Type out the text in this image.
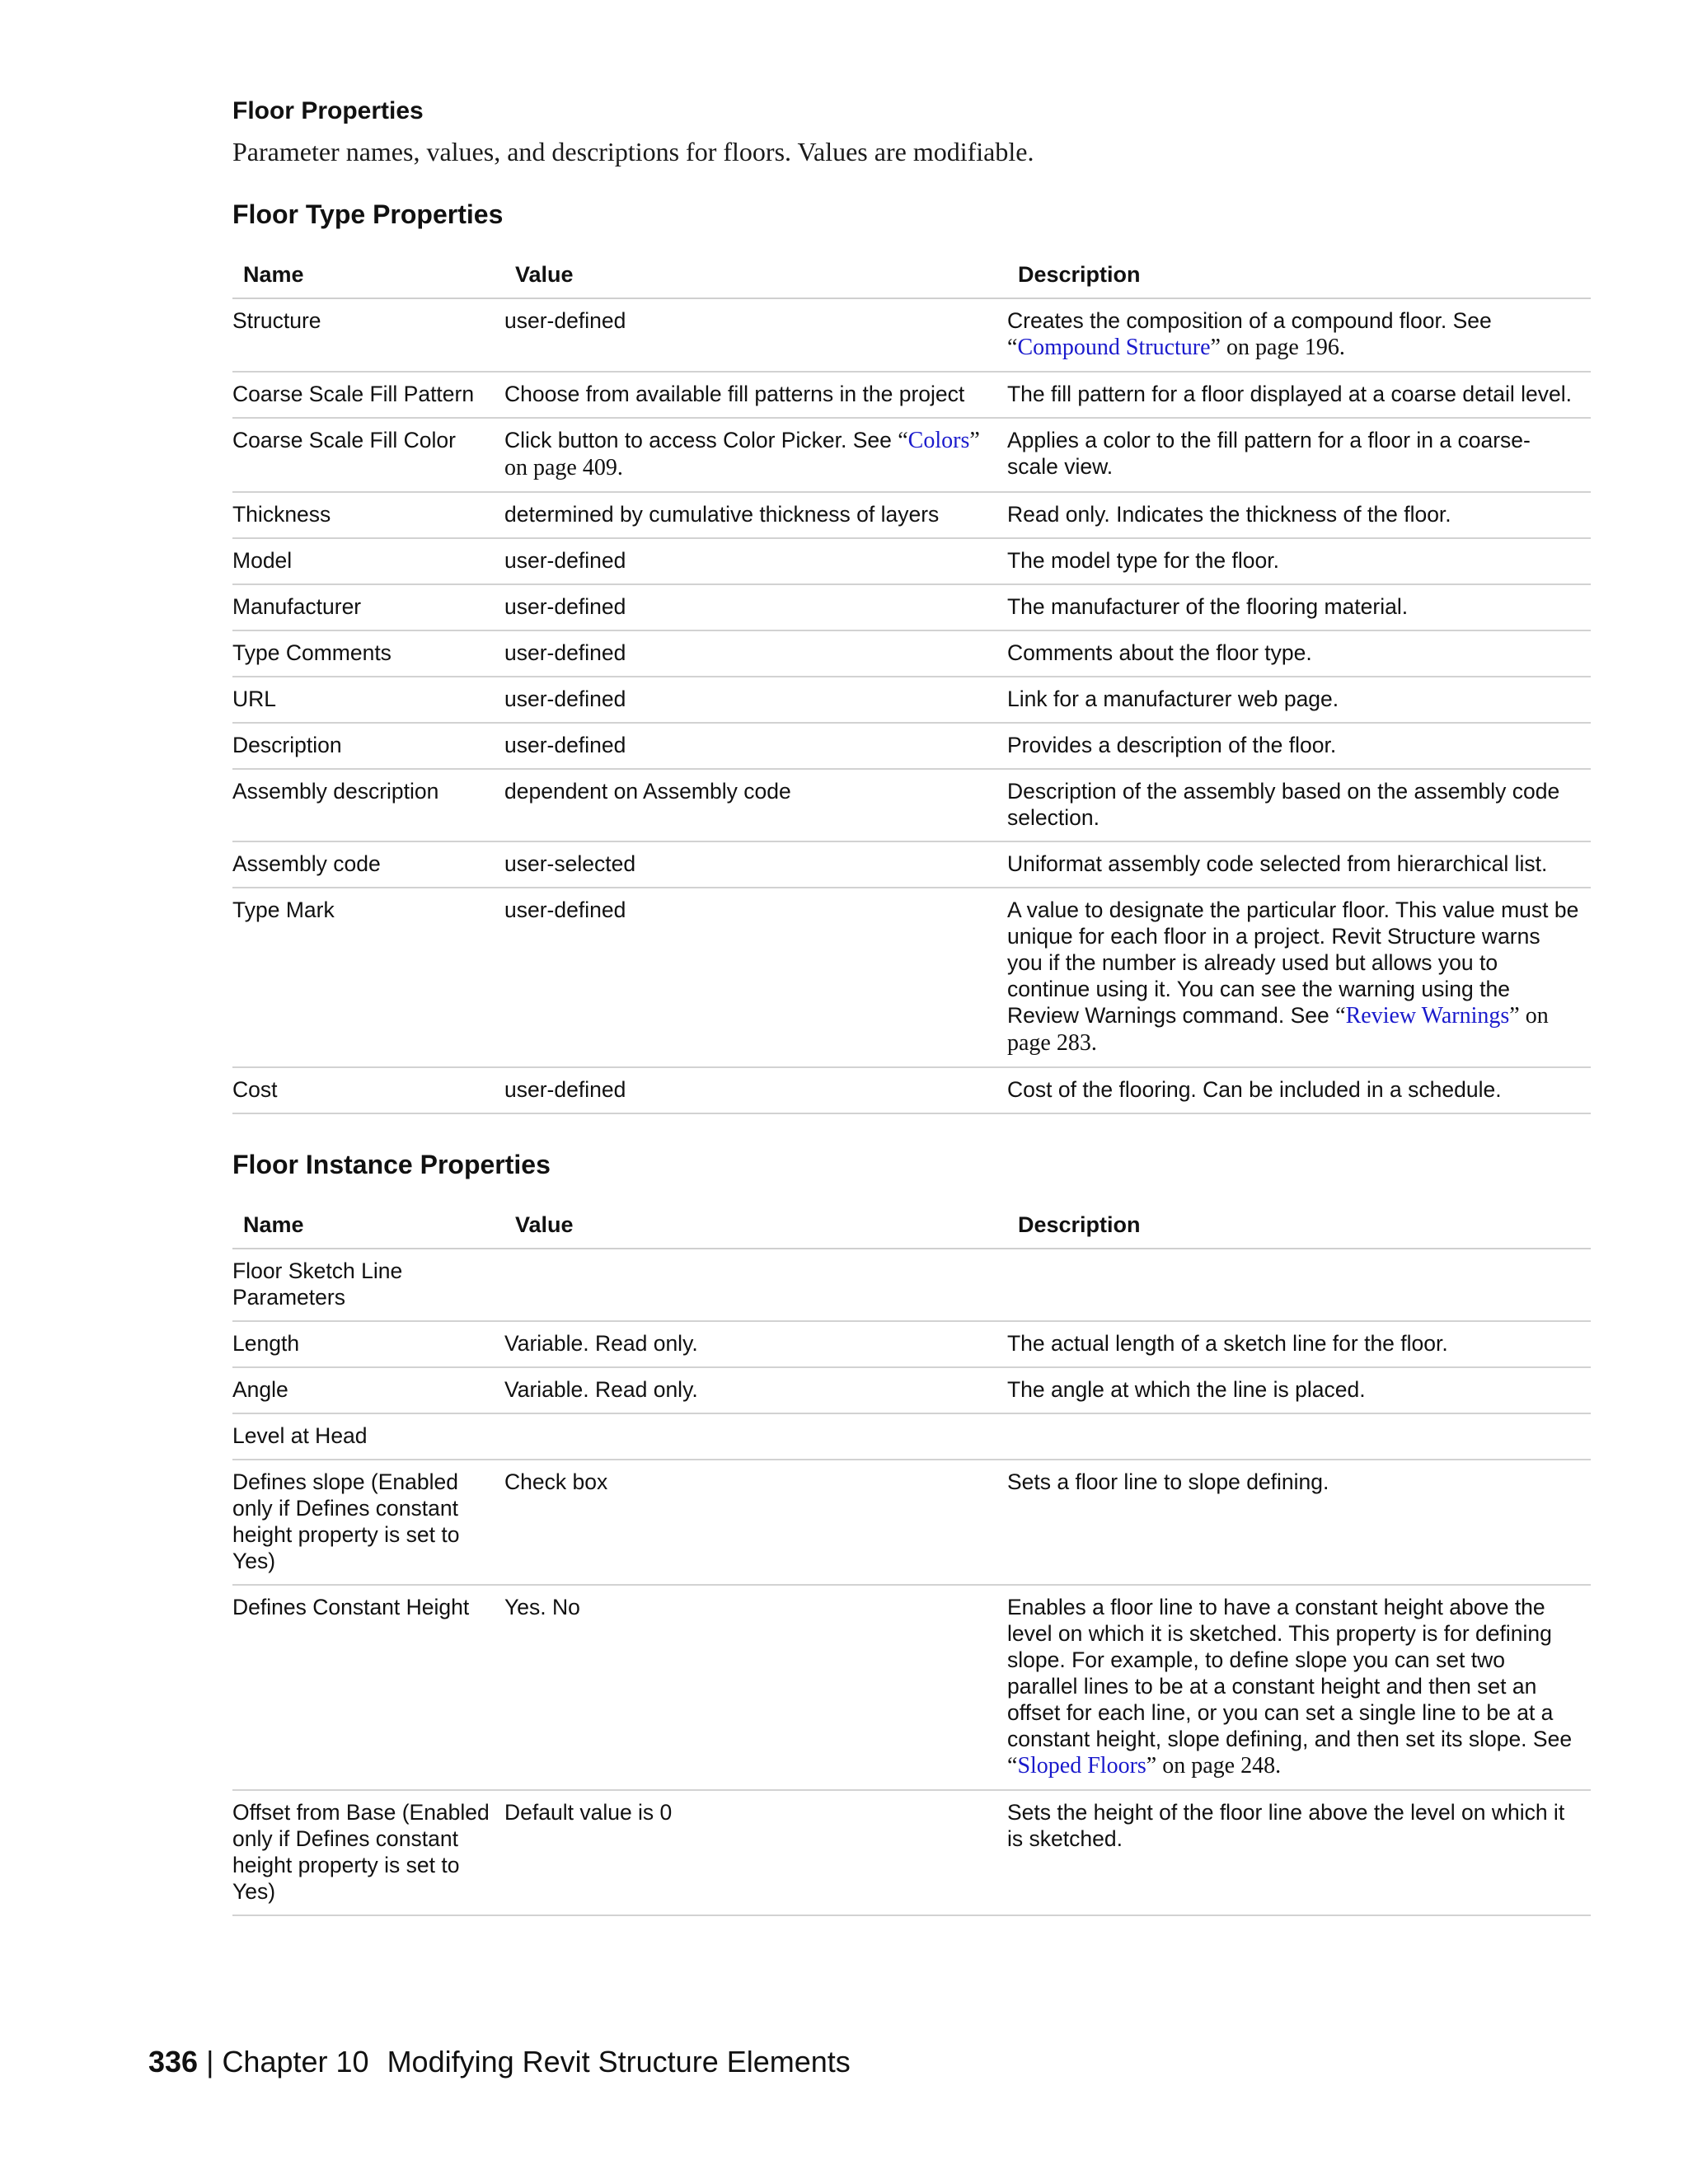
Floor Properties

Parameter names, values, and descriptions for floors. Values are modifiable.

Floor Type Properties
Name	Value	Description
Structure	user-defined	Creates the composition of a compound floor. See “Compound Structure” on page 196.
Coarse Scale Fill Pattern	Choose from available fill patterns in the project	The fill pattern for a floor displayed at a coarse detail level.
Coarse Scale Fill Color	Click button to access Color Picker. See “Colors” on page 409.	Applies a color to the fill pattern for a floor in a coarse-scale view.
Thickness	determined by cumulative thickness of layers	Read only. Indicates the thickness of the floor.
Model	user-defined	The model type for the floor.
Manufacturer	user-defined	The manufacturer of the flooring material.
Type Comments	user-defined	Comments about the floor type.
URL	user-defined	Link for a manufacturer web page.
Description	user-defined	Provides a description of the floor.
Assembly description	dependent on Assembly code	Description of the assembly based on the assembly code selection.
Assembly code	user-selected	Uniformat assembly code selected from hierarchical list.
Type Mark	user-defined	A value to designate the particular floor. This value must be unique for each floor in a project. Revit Structure warns you if the number is already used but allows you to continue using it. You can see the warning using the Review Warnings command. See “Review Warnings” on page 283.
Cost	user-defined	Cost of the flooring. Can be included in a schedule.
Floor Instance Properties
Name	Value	Description
Floor Sketch Line Parameters		
Length	Variable. Read only.	The actual length of a sketch line for the floor.
Angle	Variable. Read only.	The angle at which the line is placed.
Level at Head		
Defines slope (Enabled only if Defines constant height property is set to Yes)	Check box	Sets a floor line to slope defining.
Defines Constant Height	Yes. No	Enables a floor line to have a constant height above the level on which it is sketched. This property is for defining slope. For example, to define slope you can set two parallel lines to be at a constant height and then set an offset for each line, or you can set a single line to be at a constant height, slope defining, and then set its slope. See “Sloped Floors” on page 248.
Offset from Base (Enabled only if Defines constant height property is set to Yes)	Default value is 0	Sets the height of the floor line above the level on which it is sketched.
336 | Chapter 10 Modifying Revit Structure Elements
